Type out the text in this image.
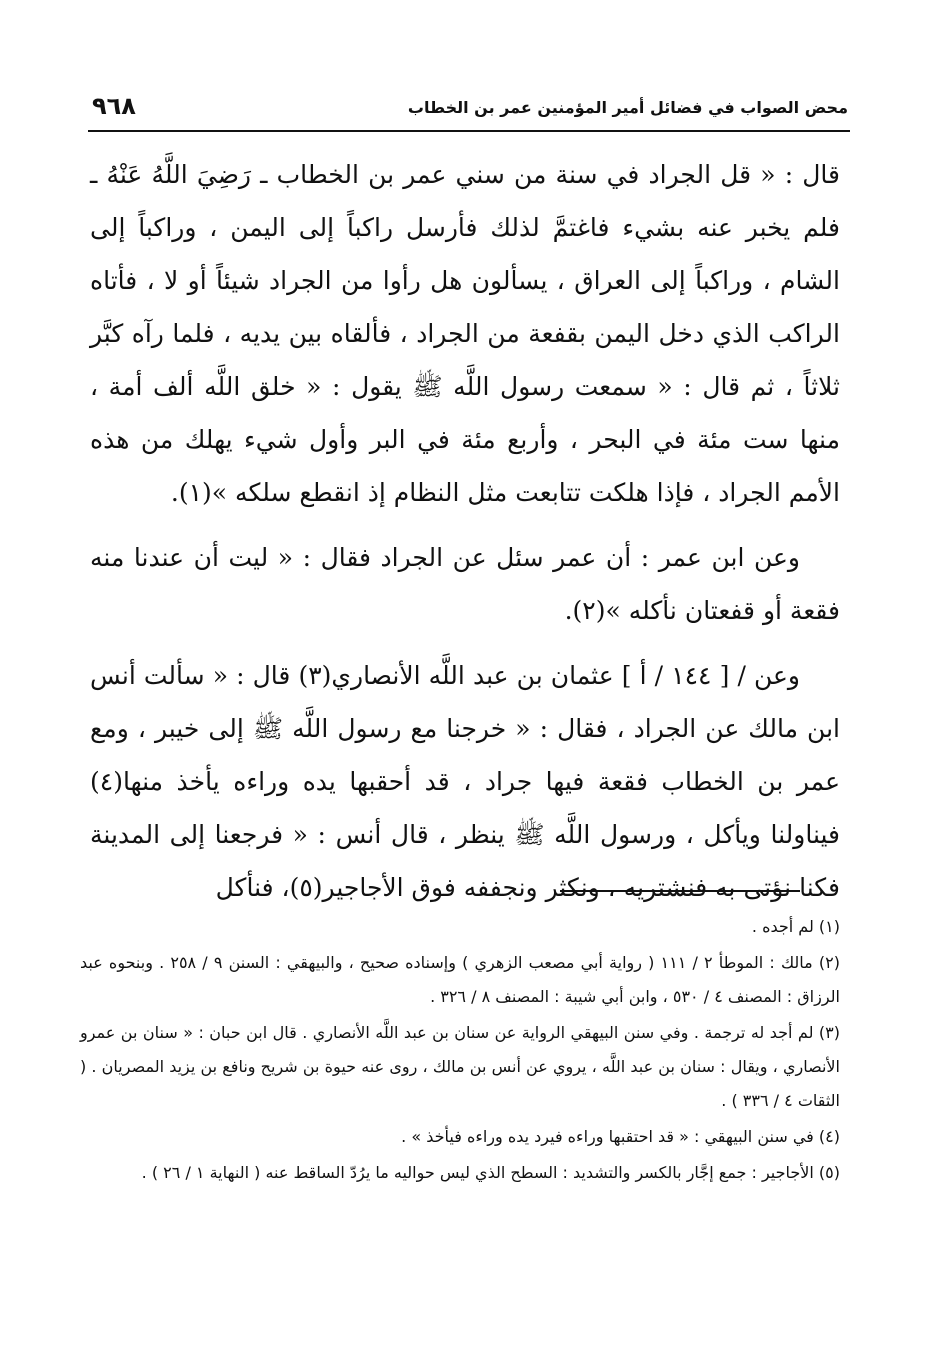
محض الصواب في فضائل أمير المؤمنين عمر بن الخطاب
٩٦٨

قال : « قل الجراد في سنة من سني عمر بن الخطاب ـ رَضِيَ اللَّهُ عَنْهُ ـ فلم يخبر عنه بشيء فاغتمَّ لذلك فأرسل راكباً إلى اليمن ، وراكباً إلى الشام ، وراكباً إلى العراق ، يسألون هل رأوا من الجراد شيئاً أو لا ، فأتاه الراكب الذي دخل اليمن بقفعة من الجراد ، فألقاه بين يديه ، فلما رآه كبَّر ثلاثاً ، ثم قال : « سمعت رسول اللَّه ﷺ يقول : « خلق اللَّه ألف أمة ، منها ست مئة في البحر ، وأربع مئة في البر وأول شيء يهلك من هذه الأمم الجراد ، فإذا هلكت تتابعت مثل النظام إذ انقطع سلكه »(١).

وعن ابن عمر : أن عمر سئل عن الجراد فقال : « ليت أن عندنا منه فقعة أو قفعتان نأكله »(٢).

وعن / [ ١٤٤ / أ ] عثمان بن عبد اللَّه الأنصاري(٣) قال : « سألت أنس ابن مالك عن الجراد ، فقال : « خرجنا مع رسول اللَّه ﷺ إلى خيبر ، ومع عمر بن الخطاب فقعة فيها جراد ، قد أحقبها يده وراءه يأخذ منها(٤) فيناولنا ويأكل ، ورسول اللَّه ﷺ ينظر ، قال أنس : « فرجعنا إلى المدينة فكنا نؤتى به فنشتريه ، ونكثر ونجففه فوق الأجاجير(٥)، فنأكل

(١) لم أجده .

(٢) مالك : الموطأ ٢ / ١١١ ( رواية أبي مصعب الزهري ) وإسناده صحيح ، والبيهقي : السنن ٩ / ٢٥٨ . وبنحوه عبد الرزاق : المصنف ٤ / ٥٣٠ ، وابن أبي شيبة : المصنف ٨ / ٣٢٦ .

(٣) لم أجد له ترجمة . وفي سنن البيهقي الرواية عن سنان بن عبد اللَّه الأنصاري . قال ابن حبان : « سنان بن عمرو الأنصاري ، ويقال : سنان بن عبد اللَّه ، يروي عن أنس بن مالك ، روى عنه حيوة بن شريح ونافع بن يزيد المصريان . ( الثقات ٤ / ٣٣٦ ) .

(٤) في سنن البيهقي : « قد احتقبها وراءه فيرد يده وراءه فيأخذ » .

(٥) الأجاجير : جمع إجَّار بالكسر والتشديد : السطح الذي ليس حواليه ما يرُدّ الساقط عنه ( النهاية ١ / ٢٦ ) .
